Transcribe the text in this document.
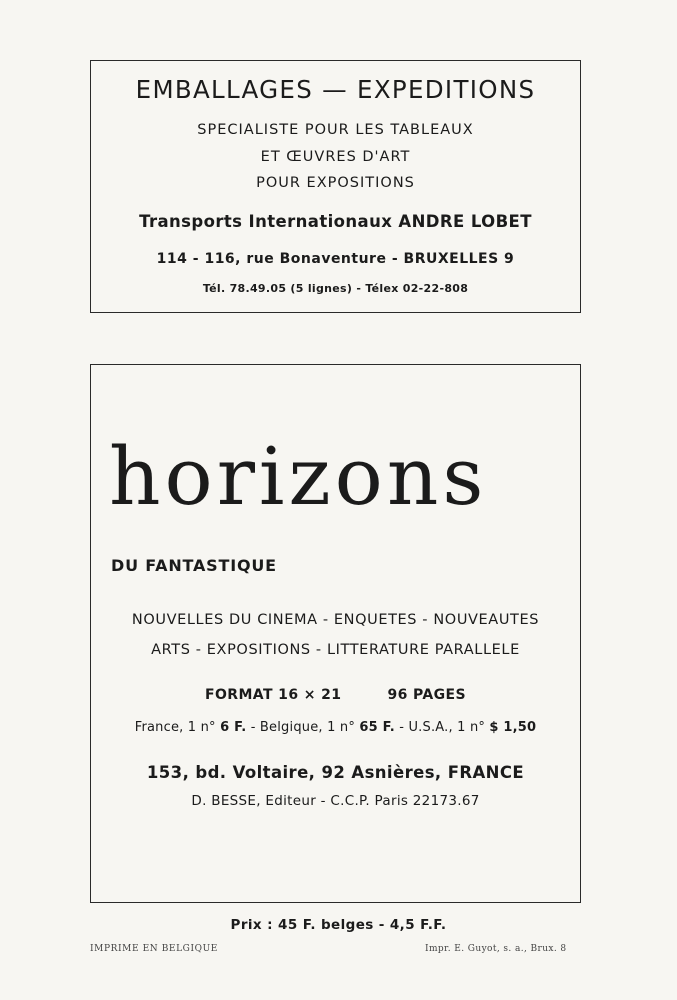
EMBALLAGES — EXPEDITIONS
SPECIALISTE POUR LES TABLEAUX
ET ŒUVRES D'ART
POUR EXPOSITIONS
Transports Internationaux ANDRE LOBET
114 - 116, rue Bonaventure - BRUXELLES 9
Tél. 78.49.05 (5 lignes) - Télex 02-22-808
horizons
DU FANTASTIQUE
NOUVELLES DU CINEMA - ENQUETES - NOUVEAUTES
ARTS - EXPOSITIONS - LITTERATURE PARALLELE
FORMAT 16 × 21	96 PAGES
France, 1 n° 6 F. - Belgique, 1 n° 65 F. - U.S.A., 1 n° $ 1,50
153, bd. Voltaire, 92 Asnières, FRANCE
D. BESSE, Editeur - C.C.P. Paris 22173.67
Prix : 45 F. belges - 4,5 F.F.
IMPRIME EN BELGIQUE	Impr. E. Guyot, s. a., Brux. 8
